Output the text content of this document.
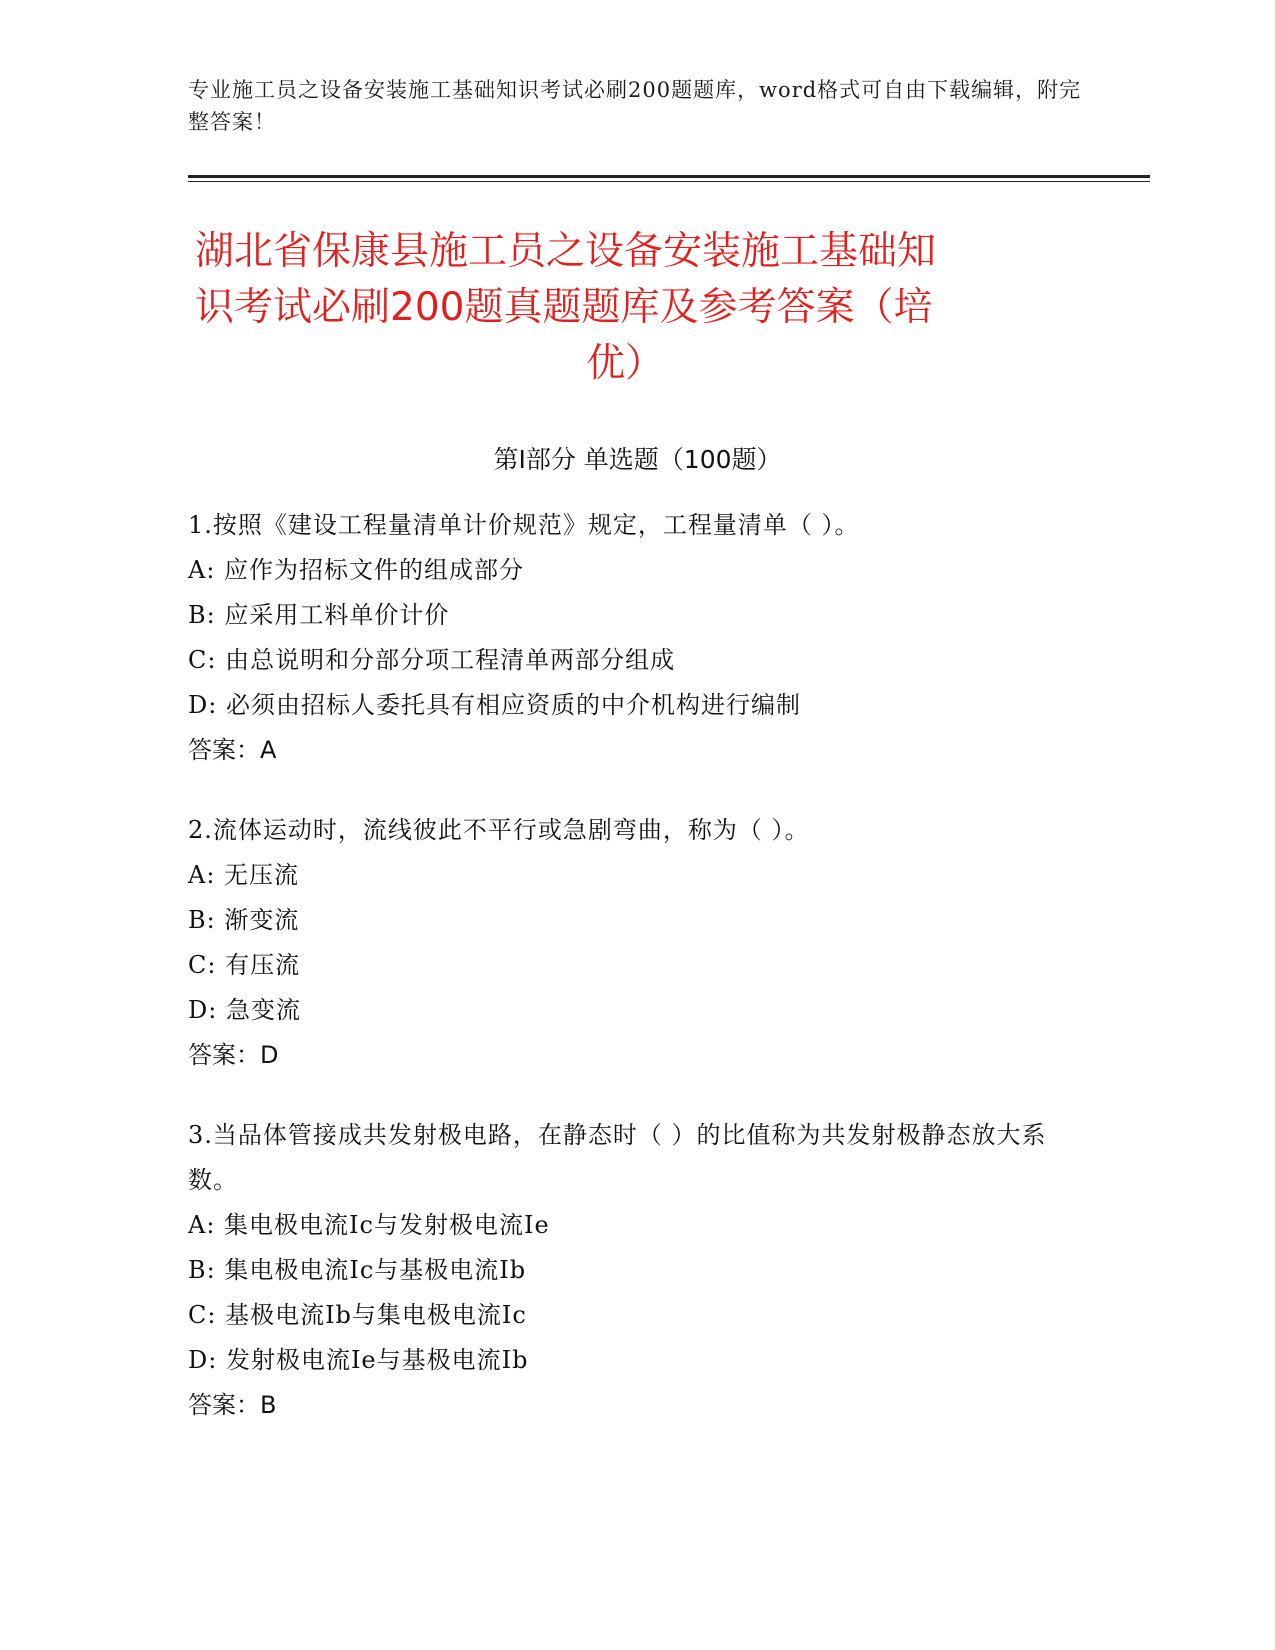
专业施工员之设备安装施工基础知识考试必刷200题题库，word格式可自由下载编辑，附完整答案！
湖北省保康县施工员之设备安装施工基础知
识考试必刷200题真题题库及参考答案（培
优）
第Ⅰ部分 单选题（100题）
1.按照《建设工程量清单计价规范》规定，工程量清单（ ）。
A: 应作为招标文件的组成部分
B: 应采用工料单价计价
C: 由总说明和分部分项工程清单两部分组成
D: 必须由招标人委托具有相应资质的中介机构进行编制
答案：A
2.流体运动时，流线彼此不平行或急剧弯曲，称为（ ）。
A: 无压流
B: 渐变流
C: 有压流
D: 急变流
答案：D
3.当品体管接成共发射极电路，在静态时（ ）的比值称为共发射极静态放大系数。
A: 集电极电流Ic与发射极电流Ie
B: 集电极电流Ic与基极电流Ib
C: 基极电流Ib与集电极电流Ic
D: 发射极电流Ie与基极电流Ib
答案：B
